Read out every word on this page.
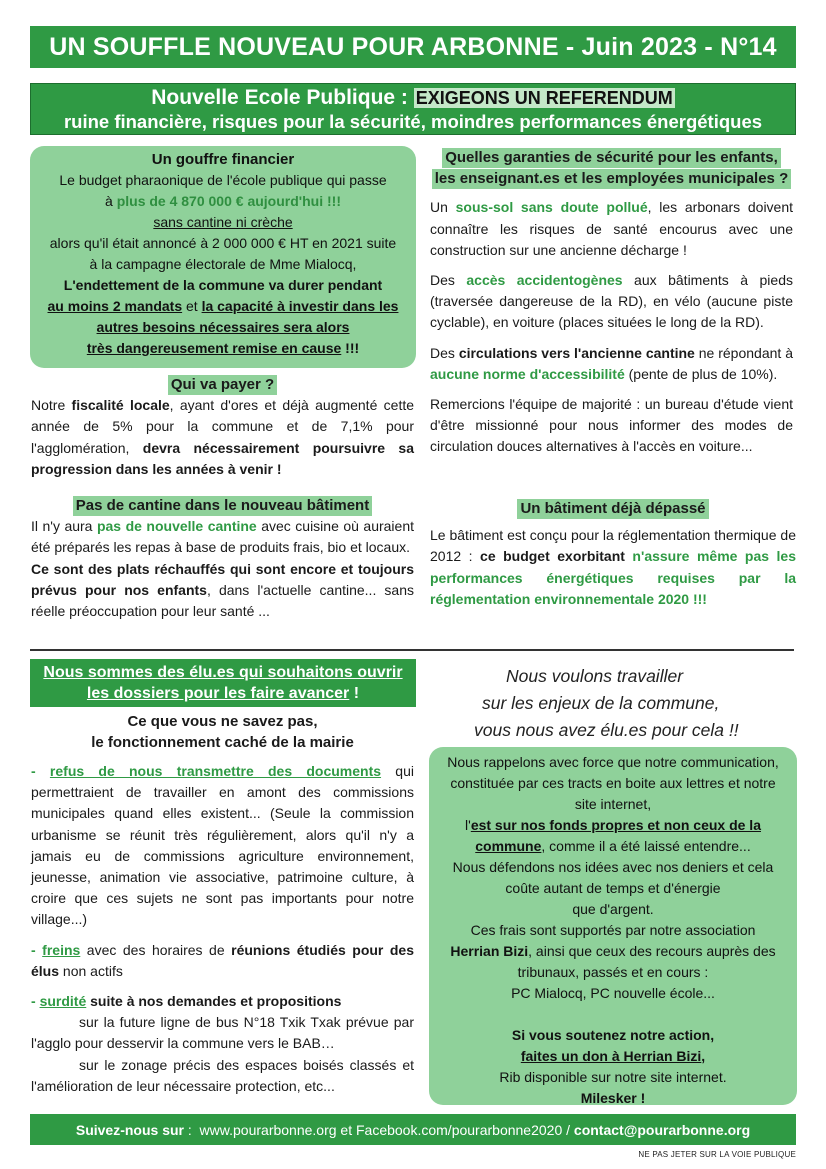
UN SOUFFLE NOUVEAU POUR ARBONNE - Juin 2023 - N°14
Nouvelle Ecole Publique : EXIGEONS UN REFERENDUM
ruine financière, risques pour la sécurité, moindres performances énergétiques
Un gouffre financier
Le budget pharaonique de l'école publique qui passe
à plus de 4 870 000 € aujourd'hui !!!
sans cantine ni crèche
alors qu'il était annoncé à 2 000 000 € HT en 2021 suite
à la campagne électorale de Mme Mialocq,
L'endettement de la commune va durer pendant
au moins 2 mandats et la capacité à investir dans les
autres besoins nécessaires sera alors
très dangereusement remise en cause !!!
Qui va payer ?
Notre fiscalité locale, ayant d'ores et déjà augmenté cette année de 5% pour la commune et de 7,1% pour l'agglomération, devra nécessairement poursuivre sa progression dans les années à venir !
Pas de cantine dans le nouveau bâtiment
Il n'y aura pas de nouvelle cantine avec cuisine où auraient été préparés les repas à base de produits frais, bio et locaux.
Ce sont des plats réchauffés qui sont encore et toujours prévus pour nos enfants, dans l'actuelle cantine... sans réelle préoccupation pour leur santé ...
Quelles garanties de sécurité pour les enfants,
les enseignant.es et les employées municipales ?
Un sous-sol sans doute pollué, les arbonars doivent connaître les risques de santé encourus avec une construction sur une ancienne décharge !
Des accès accidentogènes aux bâtiments à pieds (traversée dangereuse de la RD), en vélo (aucune piste cyclable), en voiture (places situées le long de la RD).
Des circulations vers l'ancienne cantine ne répondant à aucune norme d'accessibilité (pente de plus de 10%).
Remercions l'équipe de majorité : un bureau d'étude vient d'être missionné pour nous informer des modes de circulation douces alternatives à l'accès en voiture...
Un bâtiment déjà dépassé
Le bâtiment est conçu pour la réglementation thermique de 2012 : ce budget exorbitant n'assure même pas les performances énergétiques requises par la réglementation environnementale 2020 !!!
Nous sommes des élu.es qui souhaitons ouvrir
les dossiers pour les faire avancer !
Ce que vous ne savez pas,
le fonctionnement caché de la mairie
- refus de nous transmettre des documents qui permettraient de travailler en amont des commissions municipales quand elles existent... (Seule la commission urbanisme se réunit très régulièrement, alors qu'il n'y a jamais eu de commissions agriculture environnement, jeunesse, animation vie associative, patrimoine culture, à croire que ces sujets ne sont pas importants pour notre village...)
- freins avec des horaires de réunions étudiés pour des élus non actifs
- surdité suite à nos demandes et propositions
sur la future ligne de bus N°18 Txik Txak prévue par l'agglo pour desservir la commune vers le BAB…
sur le zonage précis des espaces boisés classés et l'amélioration de leur nécessaire protection, etc...
Nous voulons travailler
sur les enjeux de la commune,
vous nous avez élu.es pour cela !!
Nous rappelons avec force que notre communication,
constituée par ces tracts en boite aux lettres et notre
site internet,
l'est sur nos fonds propres et non ceux de la
commune, comme il a été laissé entendre...
Nous défendons nos idées avec nos deniers et cela
coûte autant de temps et d'énergie
que d'argent.
Ces frais sont supportés par notre association
Herrian Bizi, ainsi que ceux des recours auprès des
tribunaux, passés et en cours :
PC Mialocq, PC nouvelle école...
Si vous soutenez notre action,
faites un don à Herrian Bizi,
Rib disponible sur notre site internet.
Milesker !
Suivez-nous sur :  www.pourarbonne.org et Facebook.com/pourarbonne2020 / contact@pourarbonne.org
NE PAS JETER SUR LA VOIE PUBLIQUE
